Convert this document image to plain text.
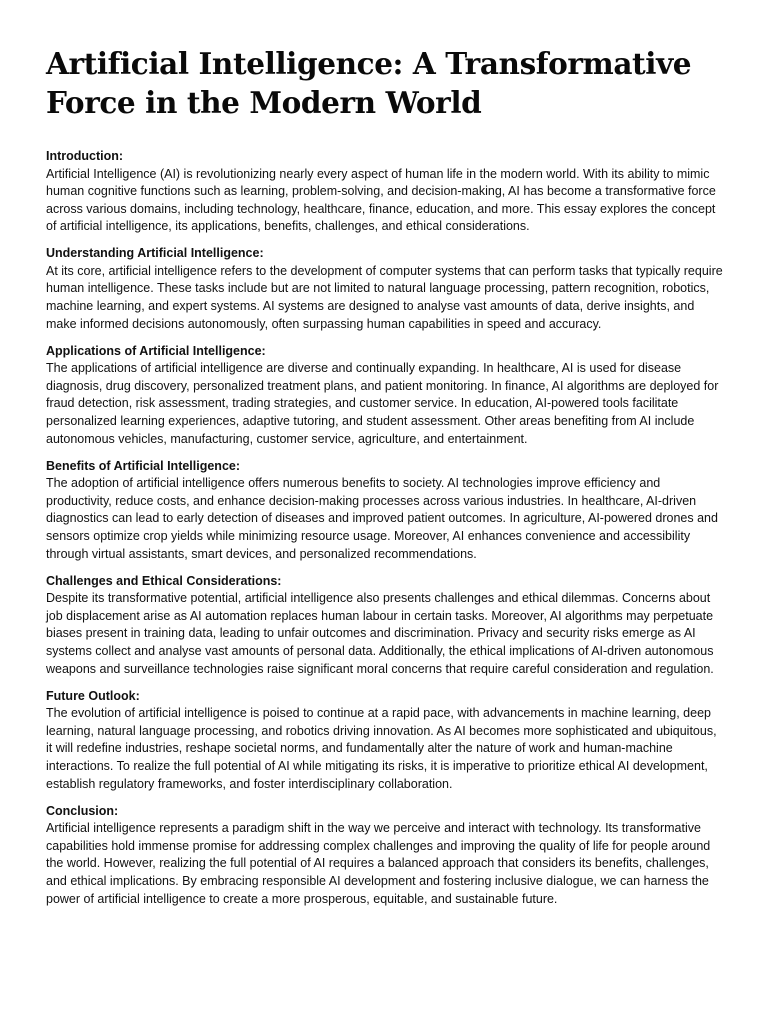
Artificial Intelligence: A Transformative Force in the Modern World

Introduction:

Artificial Intelligence (AI) is revolutionizing nearly every aspect of human life in the modern world. With its ability to mimic human cognitive functions such as learning, problem-solving, and decision-making, AI has become a transformative force across various domains, including technology, healthcare, finance, education, and more. This essay explores the concept of artificial intelligence, its applications, benefits, challenges, and ethical considerations.

Understanding Artificial Intelligence:

At its core, artificial intelligence refers to the development of computer systems that can perform tasks that typically require human intelligence. These tasks include but are not limited to natural language processing, pattern recognition, robotics, machine learning, and expert systems. AI systems are designed to analyse vast amounts of data, derive insights, and make informed decisions autonomously, often surpassing human capabilities in speed and accuracy.

Applications of Artificial Intelligence:

The applications of artificial intelligence are diverse and continually expanding. In healthcare, AI is used for disease diagnosis, drug discovery, personalized treatment plans, and patient monitoring. In finance, AI algorithms are deployed for fraud detection, risk assessment, trading strategies, and customer service. In education, AI-powered tools facilitate personalized learning experiences, adaptive tutoring, and student assessment. Other areas benefiting from AI include autonomous vehicles, manufacturing, customer service, agriculture, and entertainment.

Benefits of Artificial Intelligence:

The adoption of artificial intelligence offers numerous benefits to society. AI technologies improve efficiency and productivity, reduce costs, and enhance decision-making processes across various industries. In healthcare, AI-driven diagnostics can lead to early detection of diseases and improved patient outcomes. In agriculture, AI-powered drones and sensors optimize crop yields while minimizing resource usage. Moreover, AI enhances convenience and accessibility through virtual assistants, smart devices, and personalized recommendations.

Challenges and Ethical Considerations:

Despite its transformative potential, artificial intelligence also presents challenges and ethical dilemmas. Concerns about job displacement arise as AI automation replaces human labour in certain tasks. Moreover, AI algorithms may perpetuate biases present in training data, leading to unfair outcomes and discrimination. Privacy and security risks emerge as AI systems collect and analyse vast amounts of personal data. Additionally, the ethical implications of AI-driven autonomous weapons and surveillance technologies raise significant moral concerns that require careful consideration and regulation.

Future Outlook:

The evolution of artificial intelligence is poised to continue at a rapid pace, with advancements in machine learning, deep learning, natural language processing, and robotics driving innovation. As AI becomes more sophisticated and ubiquitous, it will redefine industries, reshape societal norms, and fundamentally alter the nature of work and human-machine interactions. To realize the full potential of AI while mitigating its risks, it is imperative to prioritize ethical AI development, establish regulatory frameworks, and foster interdisciplinary collaboration.

Conclusion:

Artificial intelligence represents a paradigm shift in the way we perceive and interact with technology. Its transformative capabilities hold immense promise for addressing complex challenges and improving the quality of life for people around the world. However, realizing the full potential of AI requires a balanced approach that considers its benefits, challenges, and ethical implications. By embracing responsible AI development and fostering inclusive dialogue, we can harness the power of artificial intelligence to create a more prosperous, equitable, and sustainable future.
